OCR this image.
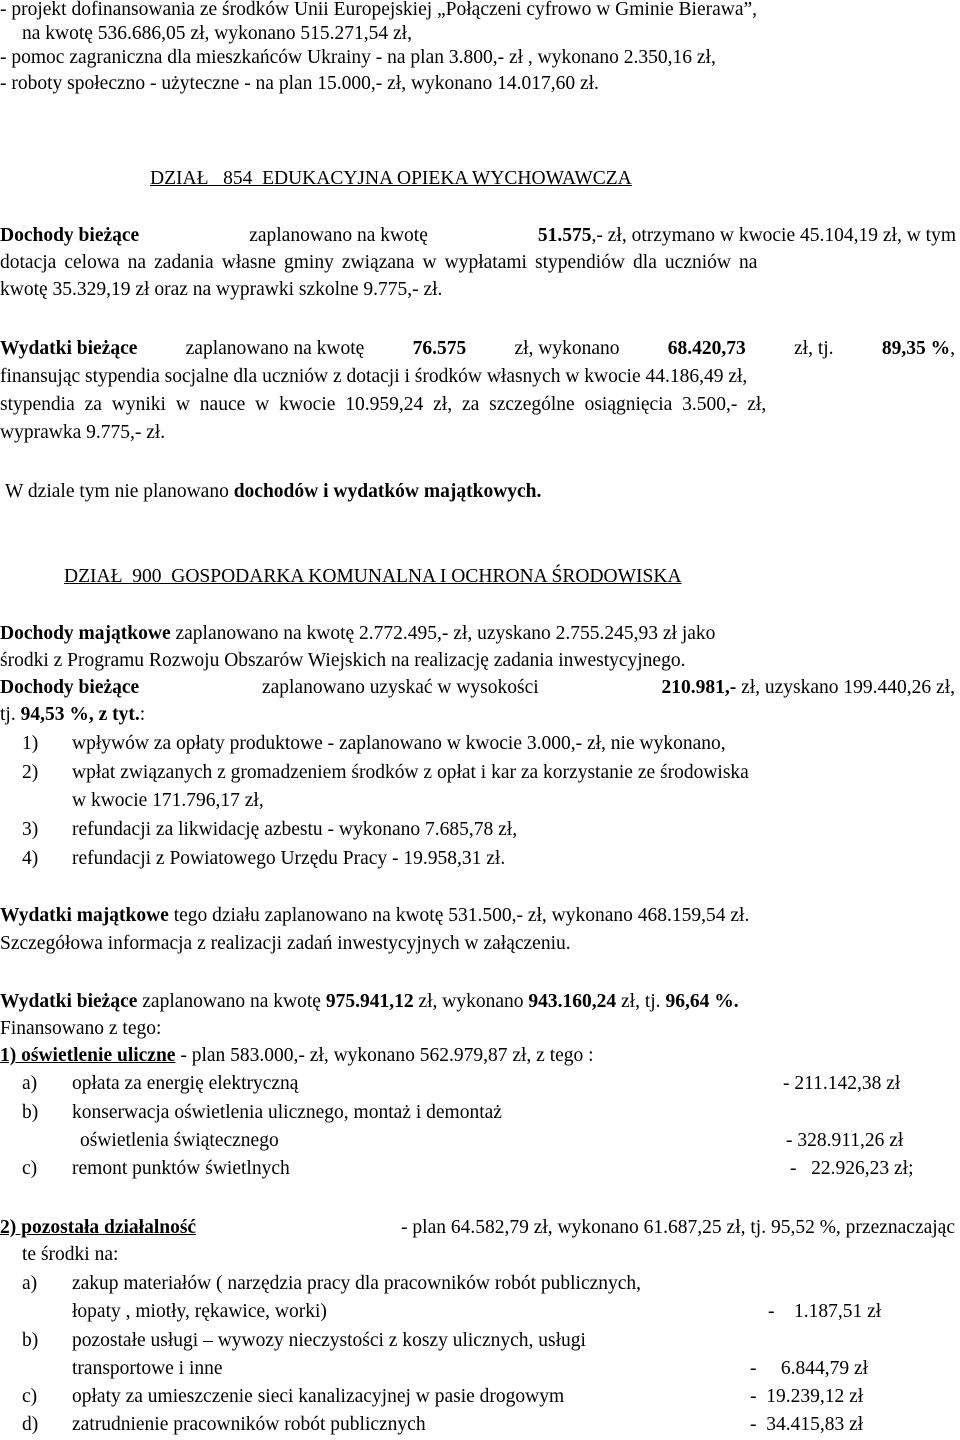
- projekt dofinansowania ze środków Unii Europejskiej „Połączeni cyfrowo w Gminie Bierawa”,
na kwotę 536.686,05 zł, wykonano 515.271,54 zł,
- pomoc zagraniczna dla mieszkańców Ukrainy - na plan 3.800,- zł , wykonano 2.350,16 zł,
- roboty społeczno - użyteczne - na plan 15.000,- zł, wykonano 14.017,60 zł.
DZIAŁ   854  EDUKACYJNA OPIEKA WYCHOWAWCZA
Dochody bieżące	zaplanowano na kwotę	51.575,- zł, otrzymano w kwocie 45.104,19 zł, w tym
dotacja celowa na zadania własne gminy związana w wypłatami stypendiów dla uczniów na
kwotę 35.329,19 zł oraz na wyprawki szkolne 9.775,- zł.
Wydatki bieżące zaplanowano na kwotę 76.575 zł, wykonano 68.420,73 zł, tj. 89,35 %,
finansując stypendia socjalne dla uczniów z dotacji i środków własnych w kwocie 44.186,49 zł,
stypendia za wyniki w nauce w kwocie 10.959,24 zł, za szczególne osiągnięcia 3.500,- zł,
wyprawka 9.775,- zł.
W dziale tym nie planowano dochodów i wydatków majątkowych.
DZIAŁ  900  GOSPODARKA KOMUNALNA I OCHRONA ŚRODOWISKA
Dochody majątkowe zaplanowano na kwotę 2.772.495,- zł, uzyskano 2.755.245,93 zł jako
środki z Programu Rozwoju Obszarów Wiejskich na realizację zadania inwestycyjnego.
Dochody bieżące	zaplanowano uzyskać w wysokości	210.981,- zł, uzyskano 199.440,26 zł,
tj. 94,53 %, z tyt.:
1) wpływów za opłaty produktowe - zaplanowano w kwocie 3.000,- zł, nie wykonano,
2) wpłat związanych z gromadzeniem środków z opłat i kar za korzystanie ze środowiska
w kwocie 171.796,17 zł,
3) refundacji za likwidację azbestu - wykonano 7.685,78 zł,
4) refundacji z Powiatowego Urzędu Pracy - 19.958,31 zł.
Wydatki majątkowe tego działu zaplanowano na kwotę 531.500,- zł, wykonano 468.159,54 zł.
Szczegółowa informacja z realizacji zadań inwestycyjnych w załączeniu.
Wydatki bieżące zaplanowano na kwotę 975.941,12 zł, wykonano 943.160,24 zł, tj. 96,64 %.
Finansowano z tego:
1) oświetlenie uliczne - plan 583.000,- zł, wykonano 562.979,87 zł, z tego :
a) opłata za energię elektryczną	- 211.142,38 zł
b) konserwacja oświetlenia ulicznego, montaż i demontaż
oświetlenia świątecznego	- 328.911,26 zł
c) remont punktów świetlnych	-   22.926,23 zł;
2) pozostała działalność	- plan 64.582,79 zł, wykonano 61.687,25 zł, tj. 95,52 %, przeznaczając
te środki na:
a) zakup materiałów ( narzędzia pracy dla pracowników robót publicznych,
łopaty , miotły, rękawice, worki)	-    1.187,51 zł
b) pozostałe usługi – wywozy nieczystości z koszy ulicznych, usługi
transportowe i inne	-     6.844,79 zł
c) opłaty za umieszczenie sieci kanalizacyjnej w pasie drogowym	-  19.239,12 zł
d) zatrudnienie pracowników robót publicznych	-  34.415,83 zł
